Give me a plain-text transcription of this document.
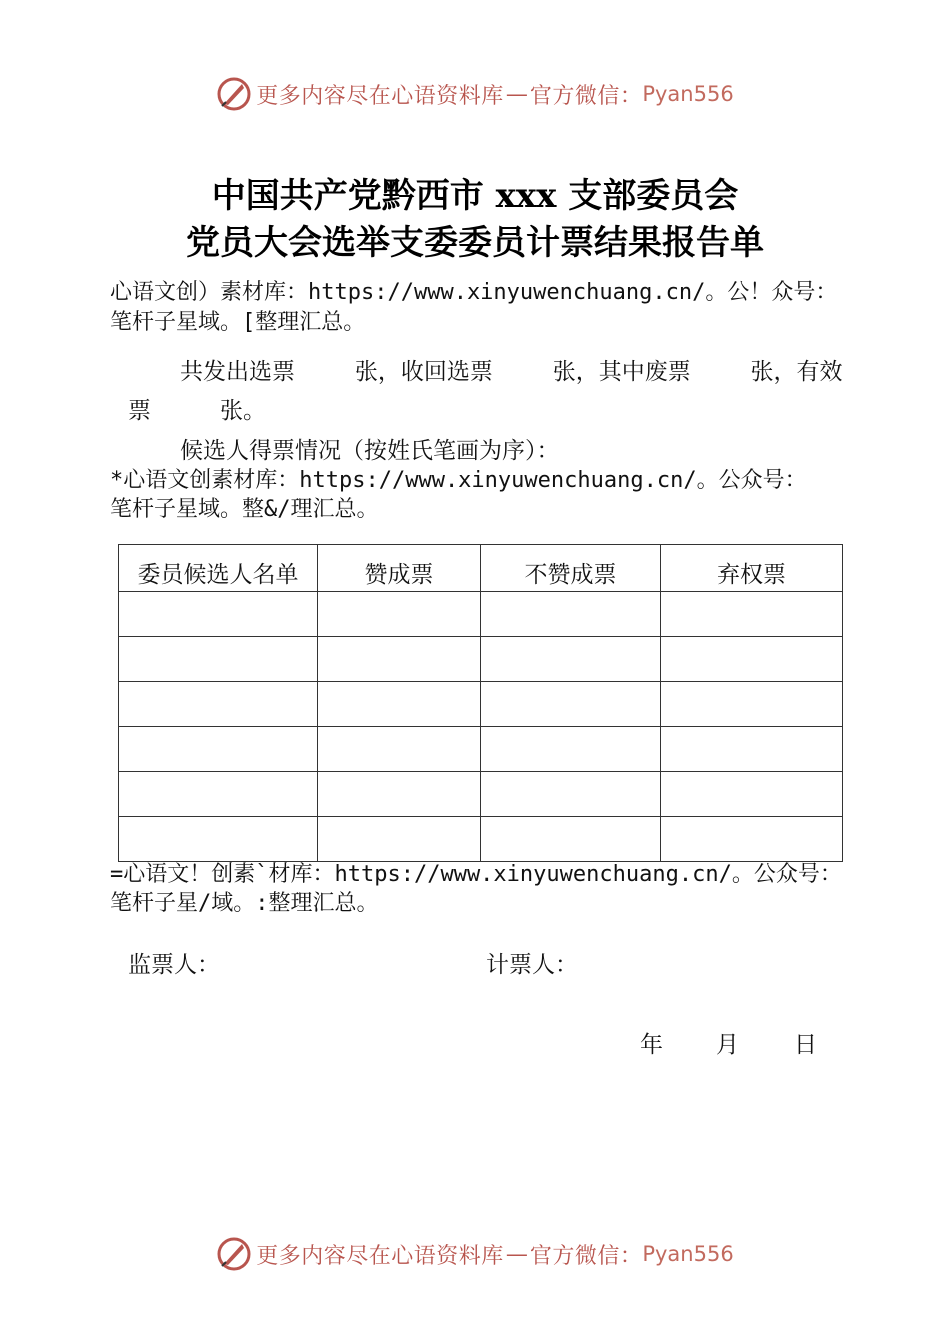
更多内容尽在心语资料库 — 官方微信： Pyan556
中国共产党黔西市 xxx 支部委员会
党员大会选举支委委员计票结果报告单
心语文创）素材库：https://www.xinyuwenchuang.cn/。公！众号：
笔杆子星域。[整理汇总。
共发出选票　　 张，收回选票　　 张，其中废票　　 张，有效
票　　　张。
候选人得票情况（按姓氏笔画为序）：
*心语文创素材库：https://www.xinyuwenchuang.cn/。公众号：
笔杆子星域。整&/理汇总。
委员候选人名单	赞成票	不赞成票	弃权票

=心语文！创素`材库：https://www.xinyuwenchuang.cn/。公众号：
笔杆子星/域。:整理汇总。
监票人：	计票人：
年 月 日
更多内容尽在心语资料库 — 官方微信： Pyan556
